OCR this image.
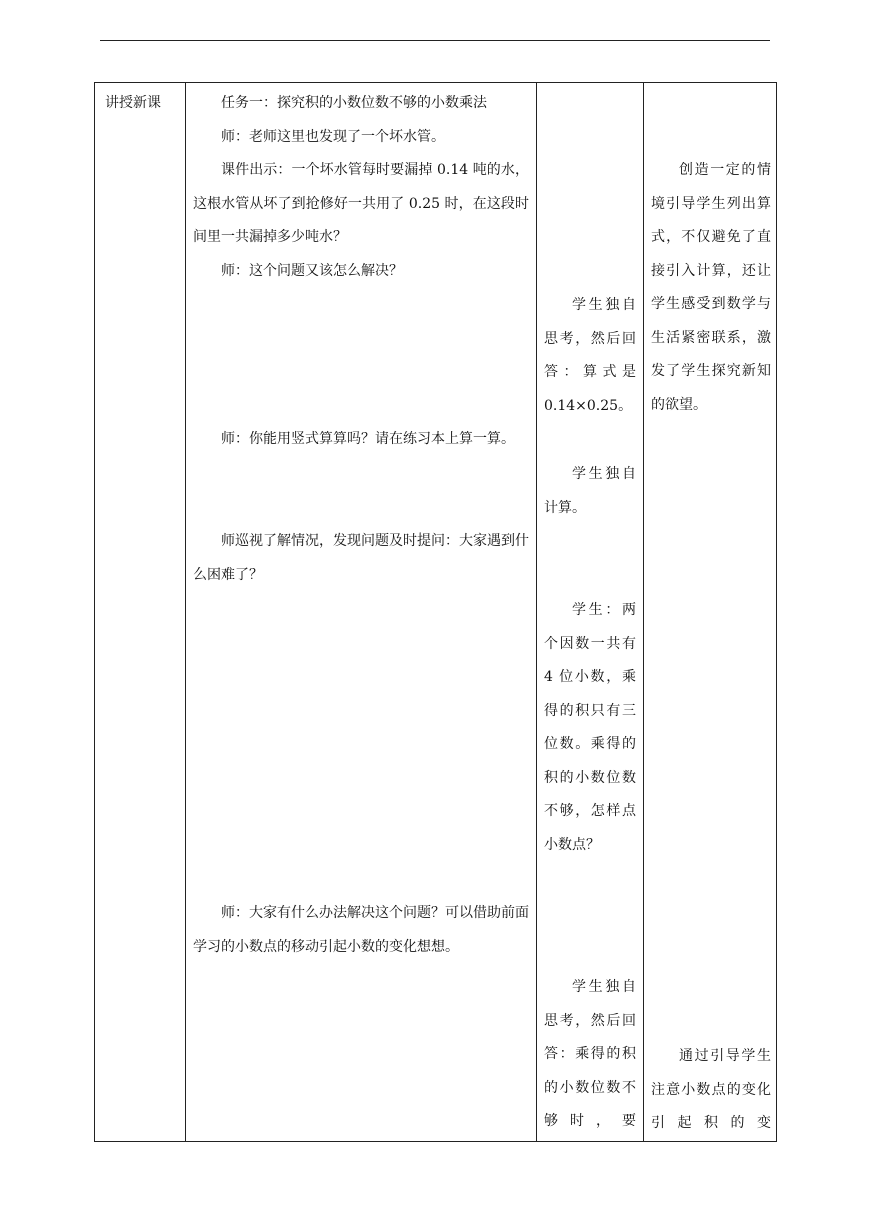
讲授新课	任务一：探究积的小数位数不够的小数乘法

师：老师这里也发现了一个坏水管。

课件出示：一个坏水管每时要漏掉 0.14 吨的水，这根水管从坏了到抢修好一共用了 0.25 时，在这段时间里一共漏掉多少吨水？

师：这个问题又该怎么解决？

师：你能用竖式算算吗？请在练习本上算一算。

师巡视了解情况，发现问题及时提问：大家遇到什么困难了？

师：大家有什么办法解决这个问题？可以借助前面学习的小数点的移动引起小数的变化想想。

学生独自思考，然后回答：算式是 0.14×0.25。

学生独自计算。

学生：两个因数一共有 4 位小数，乘得的积只有三位数。乘得的积的小数位数不够，怎样点小数点？

学生独自思考，然后回答：乘得的积的小数位数不够时，要

创造一定的情境引导学生列出算式，不仅避免了直接引入计算，还让学生感受到数学与生活紧密联系，激发了学生探究新知的欲望。

通过引导学生注意小数点的变化引起积的变
